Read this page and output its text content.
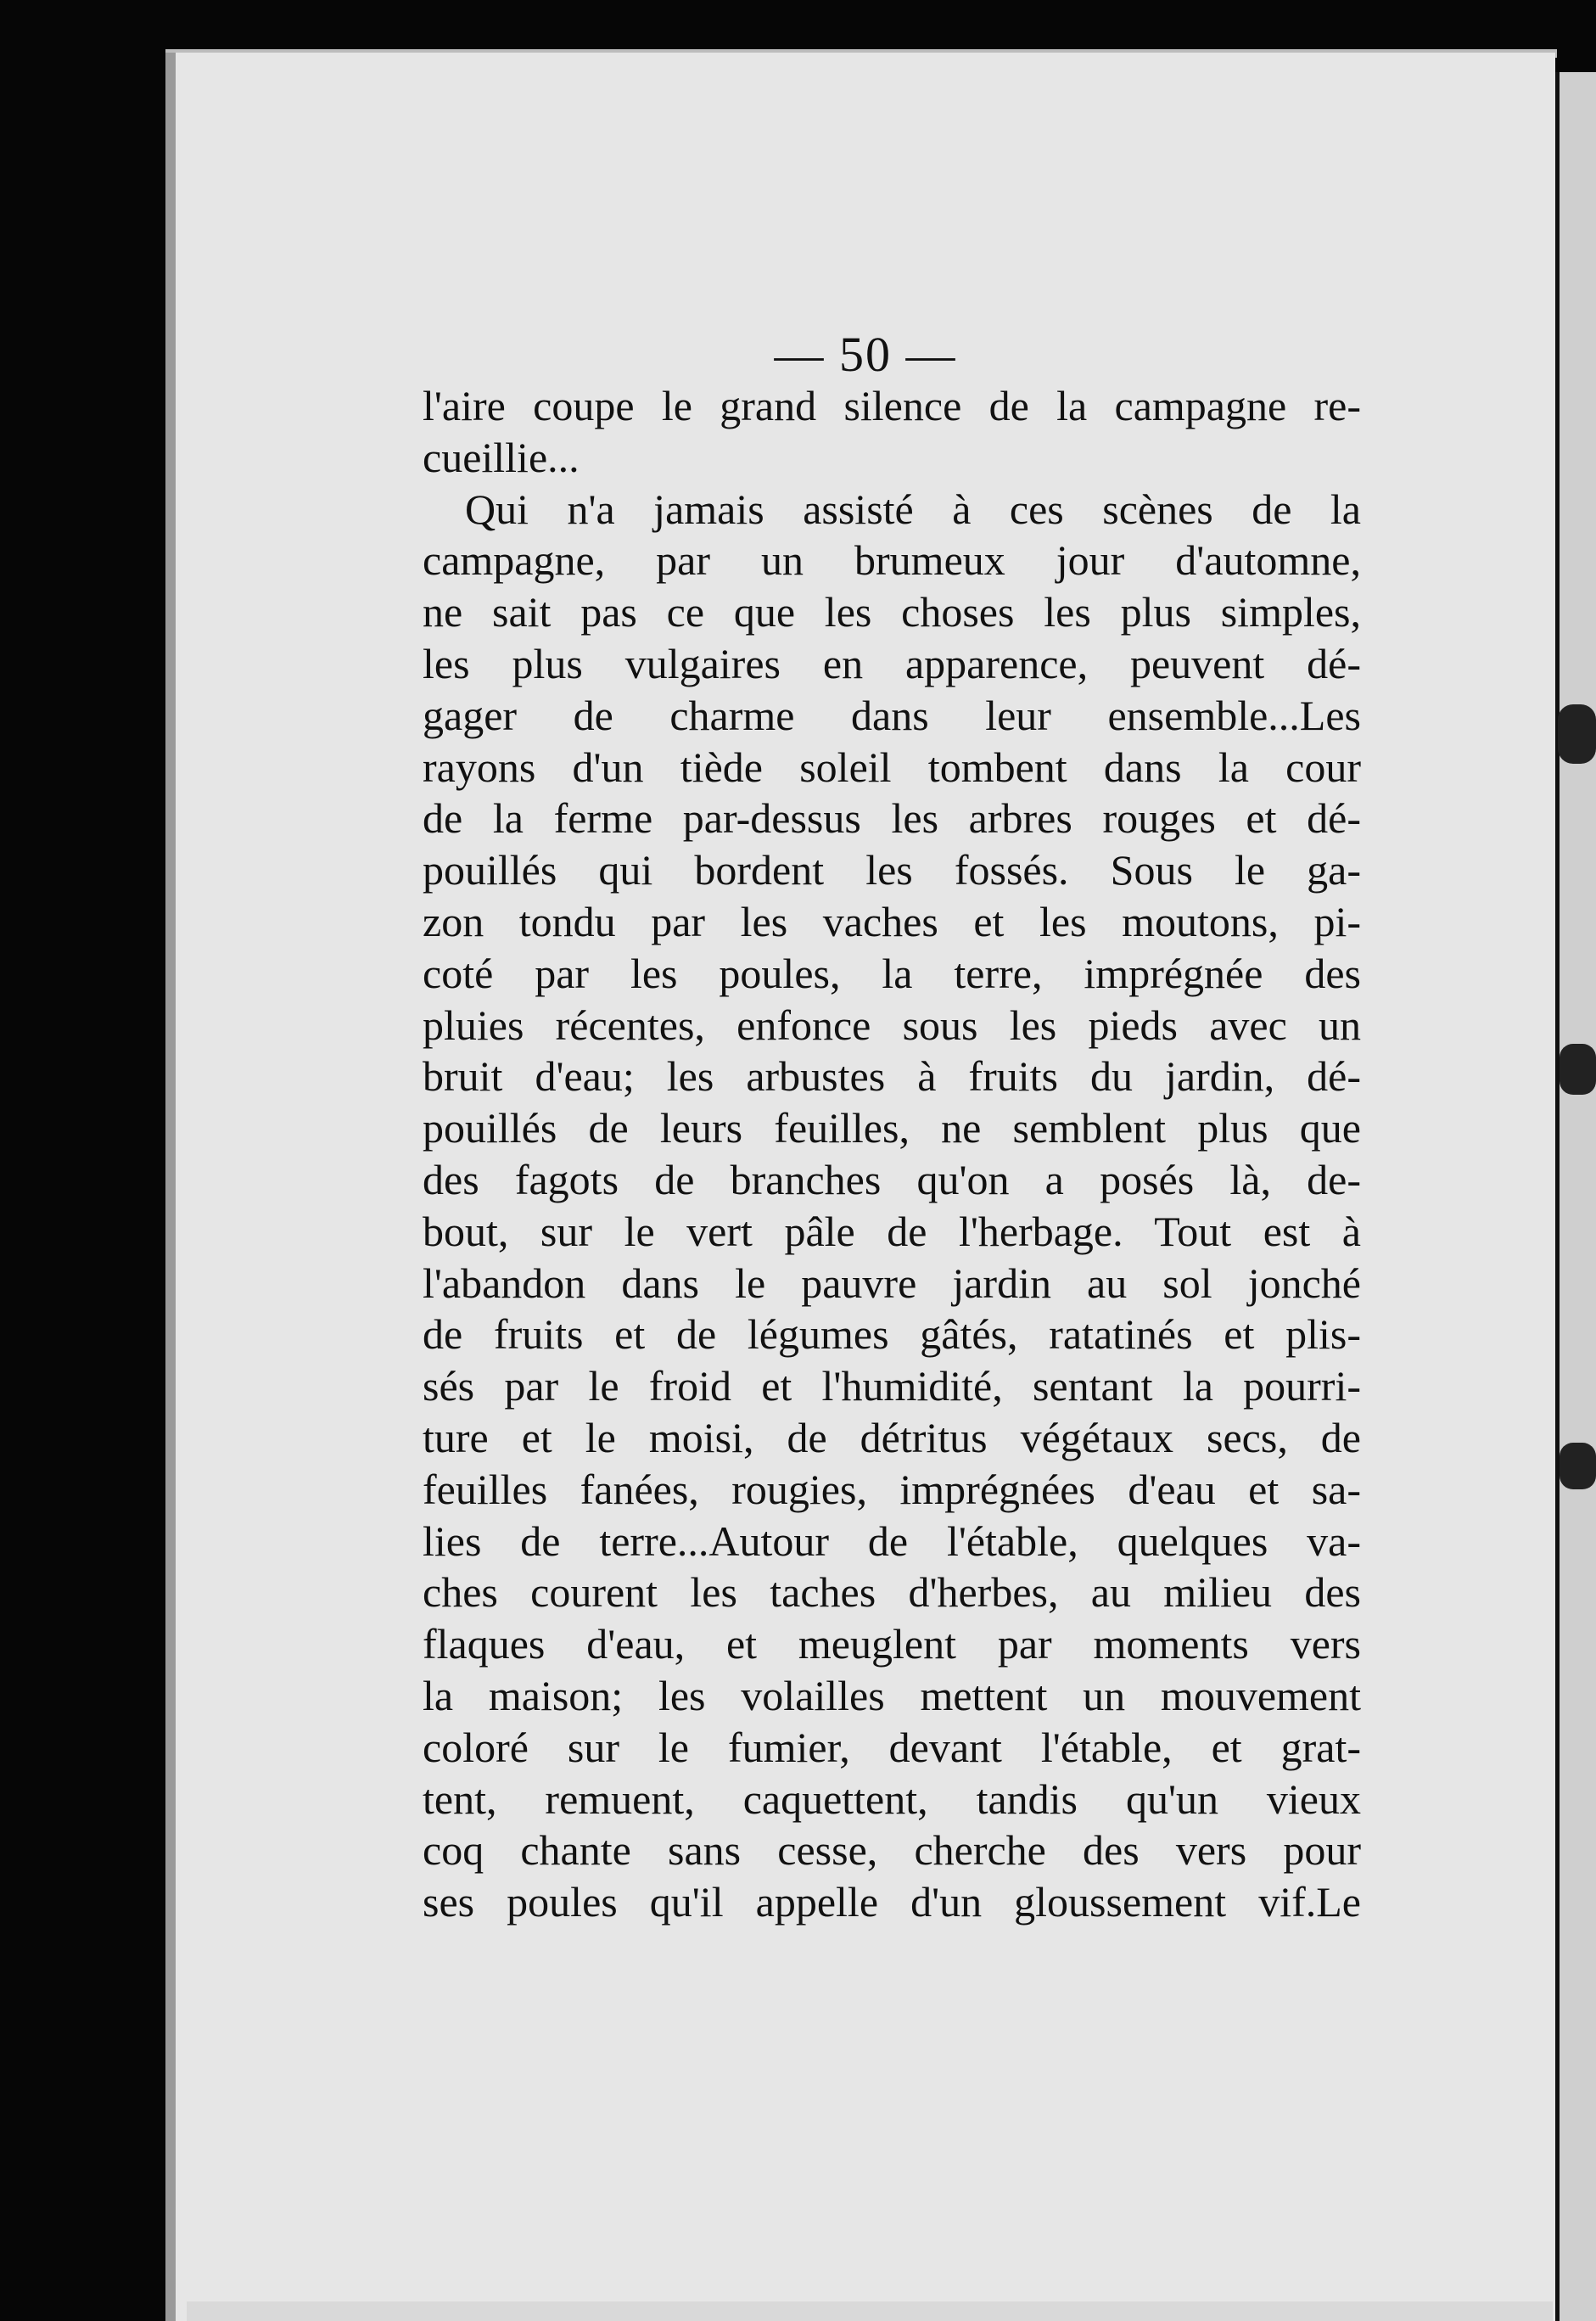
— 50 —
l'aire coupe le grand silence de la campagne re-
cueillie...
Qui n'a jamais assisté à ces scènes de la
campagne, par un brumeux jour d'automne,
ne sait pas ce que les choses les plus simples,
les plus vulgaires en apparence, peuvent dé-
gager de charme dans leur ensemble...Les
rayons d'un tiède soleil tombent dans la cour
de la ferme par-dessus les arbres rouges et dé-
pouillés qui bordent les fossés. Sous le ga-
zon tondu par les vaches et les moutons, pi-
coté par les poules, la terre, imprégnée des
pluies récentes, enfonce sous les pieds avec un
bruit d'eau; les arbustes à fruits du jardin, dé-
pouillés de leurs feuilles, ne semblent plus que
des fagots de branches qu'on a posés là, de-
bout, sur le vert pâle de l'herbage. Tout est à
l'abandon dans le pauvre jardin au sol jonché
de fruits et de légumes gâtés, ratatinés et plis-
sés par le froid et l'humidité, sentant la pourri-
ture et le moisi, de détritus végétaux secs, de
feuilles fanées, rougies, imprégnées d'eau et sa-
lies de terre...Autour de l'étable, quelques va-
ches courent les taches d'herbes, au milieu des
flaques d'eau, et meuglent par moments vers
la maison; les volailles mettent un mouvement
coloré sur le fumier, devant l'étable, et grat-
tent, remuent, caquettent, tandis qu'un vieux
coq chante sans cesse, cherche des vers pour
ses poules qu'il appelle d'un gloussement vif.Le
